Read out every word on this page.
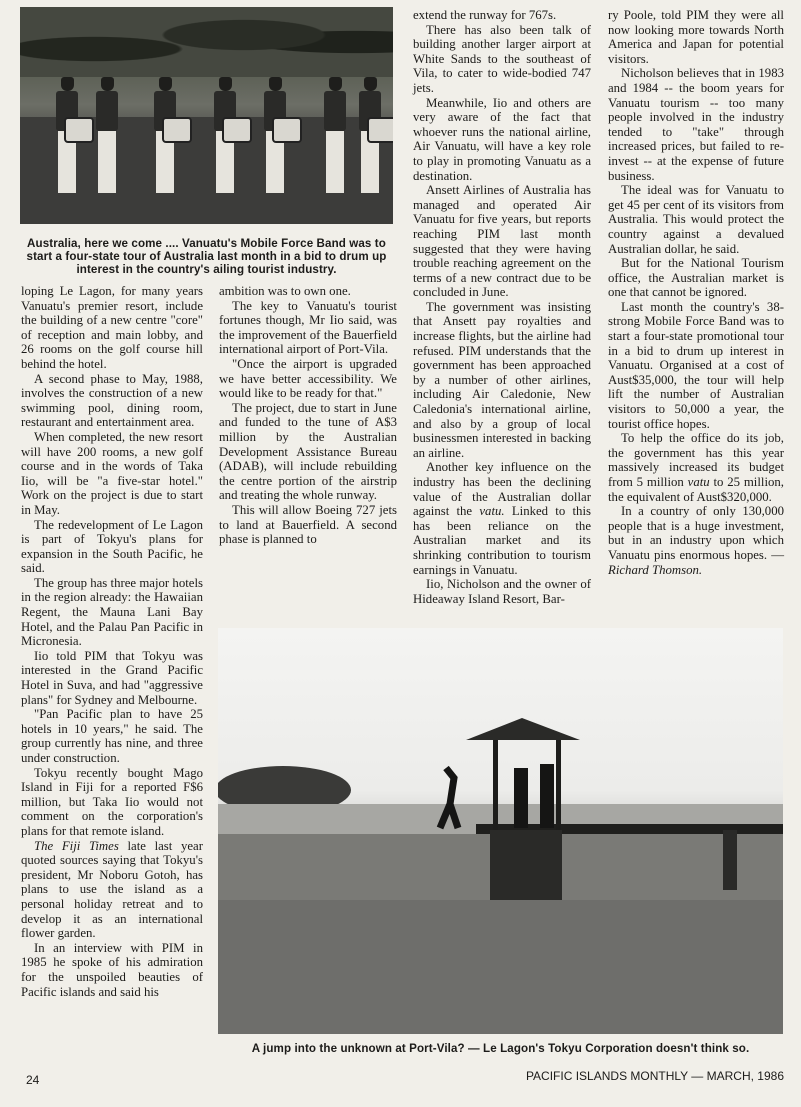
Australia, here we come .... Vanuatu's Mobile Force Band was to start a four-state tour of Australia last month in a bid to drum up interest in the country's ailing tourist industry.

loping Le Lagon, for many years Vanuatu's premier resort, include the building of a new centre "core" of reception and main lobby, and 26 rooms on the golf course hill behind the hotel.

A second phase to May, 1988, involves the construction of a new swimming pool, dining room, restaurant and entertainment area.

When completed, the new resort will have 200 rooms, a new golf course and in the words of Taka Iio, will be "a five-star hotel." Work on the project is due to start in May.

The redevelopment of Le Lagon is part of Tokyu's plans for expansion in the South Pacific, he said.

The group has three major hotels in the region already: the Hawaiian Regent, the Mauna Lani Bay Hotel, and the Palau Pan Pacific in Micronesia.

Iio told PIM that Tokyu was interested in the Grand Pacific Hotel in Suva, and had "aggressive plans" for Sydney and Melbourne.

"Pan Pacific plan to have 25 hotels in 10 years," he said. The group currently has nine, and three under construction.

Tokyu recently bought Mago Island in Fiji for a reported F$6 million, but Taka Iio would not comment on the corporation's plans for that remote island.

The Fiji Times late last year quoted sources saying that Tokyu's president, Mr Noboru Gotoh, has plans to use the island as a personal holiday retreat and to develop it as an international flower garden.

In an interview with PIM in 1985 he spoke of his admiration for the unspoiled beauties of Pacific islands and said his

ambition was to own one.

The key to Vanuatu's tourist fortunes though, Mr Iio said, was the improvement of the Bauerfield international airport of Port-Vila.

"Once the airport is upgraded we have better accessibility. We would like to be ready for that."

The project, due to start in June and funded to the tune of A$3 million by the Australian Development Assistance Bureau (ADAB), will include rebuilding the centre portion of the airstrip and treating the whole runway.

This will allow Boeing 727 jets to land at Bauerfield. A second phase is planned to

extend the runway for 767s.

There has also been talk of building another larger airport at White Sands to the southeast of Vila, to cater to wide-bodied 747 jets.

Meanwhile, Iio and others are very aware of the fact that whoever runs the national airline, Air Vanuatu, will have a key role to play in promoting Vanuatu as a destination.

Ansett Airlines of Australia has managed and operated Air Vanuatu for five years, but reports reaching PIM last month suggested that they were having trouble reaching agreement on the terms of a new contract due to be concluded in June.

The government was insisting that Ansett pay royalties and increase flights, but the airline had refused. PIM understands that the government has been approached by a number of other airlines, including Air Caledonie, New Caledonia's international airline, and also by a group of local businessmen interested in backing an airline.

Another key influence on the industry has been the declining value of the Australian dollar against the vatu. Linked to this has been reliance on the Australian market and its shrinking contribution to tourism earnings in Vanuatu.

Iio, Nicholson and the owner of Hideaway Island Resort, Bar-

ry Poole, told PIM they were all now looking more towards North America and Japan for potential visitors.

Nicholson believes that in 1983 and 1984 -- the boom years for Vanuatu tourism -- too many people involved in the industry tended to "take" through increased prices, but failed to re-invest -- at the expense of future business.

The ideal was for Vanuatu to get 45 per cent of its visitors from Australia. This would protect the country against a devalued Australian dollar, he said.

But for the National Tourism office, the Australian market is one that cannot be ignored.

Last month the country's 38-strong Mobile Force Band was to start a four-state promotional tour in a bid to drum up interest in Vanuatu. Organised at a cost of Aust$35,000, the tour will help lift the number of Australian visitors to 50,000 a year, the tourist office hopes.

To help the office do its job, the government has this year massively increased its budget from 5 million vatu to 25 million, the equivalent of Aust$320,000.

In a country of only 130,000 people that is a huge investment, but in an industry upon which Vanuatu pins enormous hopes. — Richard Thomson.

A jump into the unknown at Port-Vila? — Le Lagon's Tokyu Corporation doesn't think so.
24	PACIFIC ISLANDS MONTHLY — MARCH, 1986
